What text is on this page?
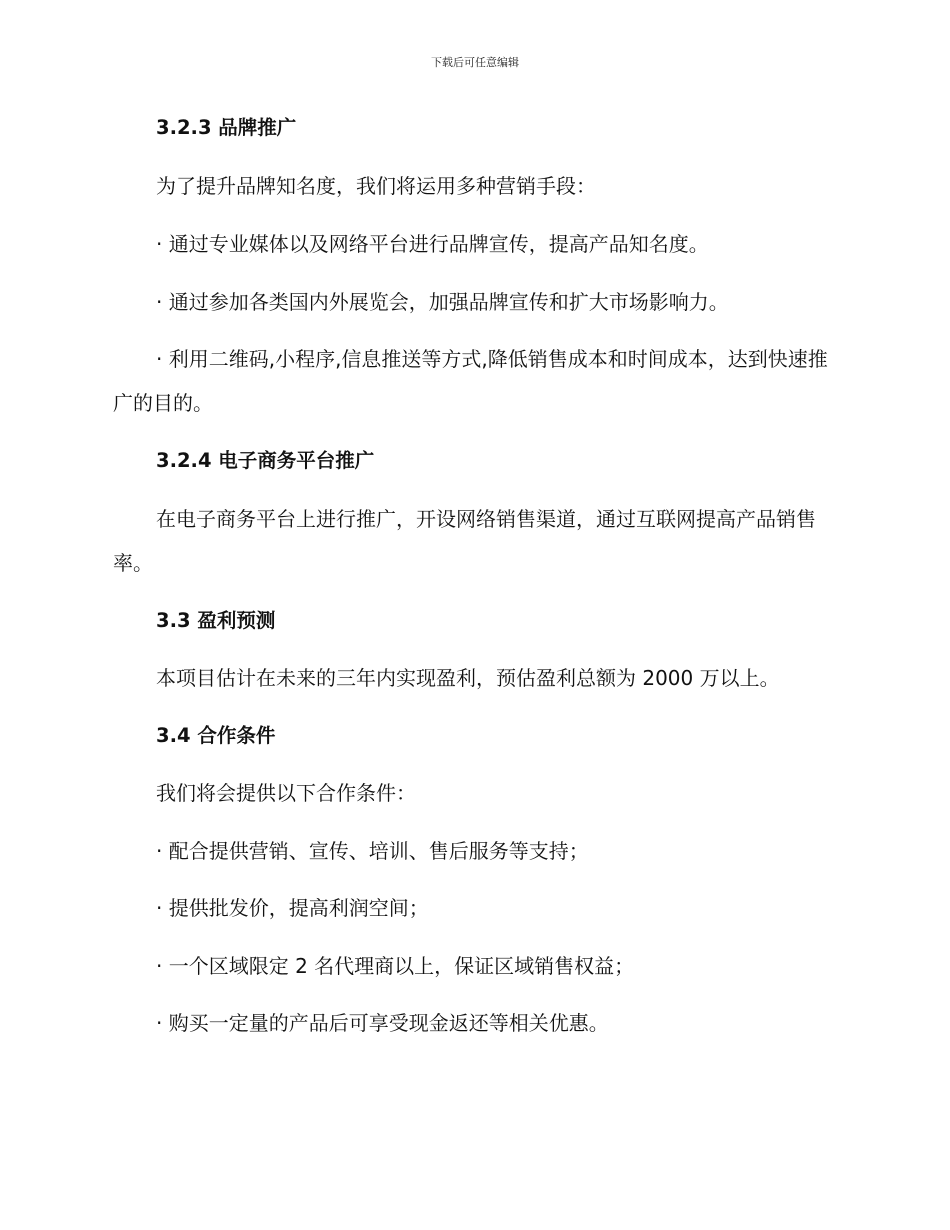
下载后可任意编辑
3.2.3 品牌推广
为了提升品牌知名度，我们将运用多种营销手段：
· 通过专业媒体以及网络平台进行品牌宣传，提高产品知名度。
· 通过参加各类国内外展览会，加强品牌宣传和扩大市场影响力。
· 利用二维码,小程序,信息推送等方式,降低销售成本和时间成本，达到快速推广的目的。
3.2.4 电子商务平台推广
在电子商务平台上进行推广，开设网络销售渠道，通过互联网提高产品销售率。
3.3 盈利预测
本项目估计在未来的三年内实现盈利，预估盈利总额为 2000 万以上。
3.4 合作条件
我们将会提供以下合作条件：
· 配合提供营销、宣传、培训、售后服务等支持；
· 提供批发价，提高利润空间；
· 一个区域限定 2 名代理商以上，保证区域销售权益；
· 购买一定量的产品后可享受现金返还等相关优惠。
